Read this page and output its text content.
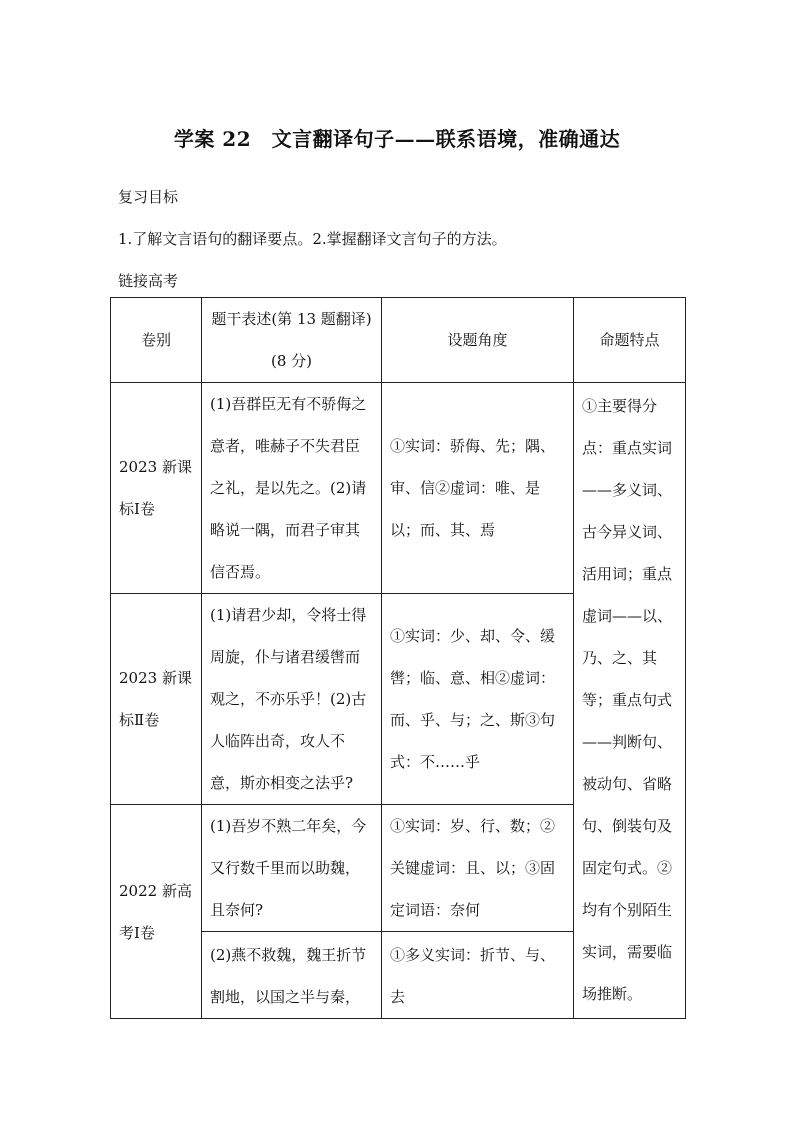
学案 22　文言翻译句子——联系语境，准确通达
复习目标
1.了解文言语句的翻译要点。2.掌握翻译文言句子的方法。
链接高考
卷别	题干表述(第 13 题翻译)(8 分)	设题角度	命题特点
2023 新课标Ⅰ卷	(1)吾群臣无有不骄侮之意者，唯赫子不失君臣之礼，是以先之。(2)请略说一隅，而君子审其信否焉。	①实词：骄侮、先；隅、审、信②虚词：唯、是以；而、其、焉	①主要得分点：重点实词——多义词、古今异义词、活用词；重点虚词——以、乃、之、其等；重点句式——判断句、被动句、省略句、倒装句及固定句式。②均有个别陌生实词，需要临场推断。
2023 新课标Ⅱ卷	(1)请君少却，令将士得周旋，仆与诸君缓辔而观之，不亦乐乎！(2)古人临阵出奇，攻人不意，斯亦相变之法乎?	①实词：少、却、令、缓辔；临、意、相②虚词：而、乎、与；之、斯③句式：不……乎	
2022 新高考Ⅰ卷	(1)吾岁不熟二年矣，今又行数千里而以助魏，且奈何?	①实词：岁、行、数；②关键虚词：且、以；③固定词语：奈何	
	(2)燕不救魏，魏王折节割地，以国之半与秦，	①多义实词：折节、与、去	
